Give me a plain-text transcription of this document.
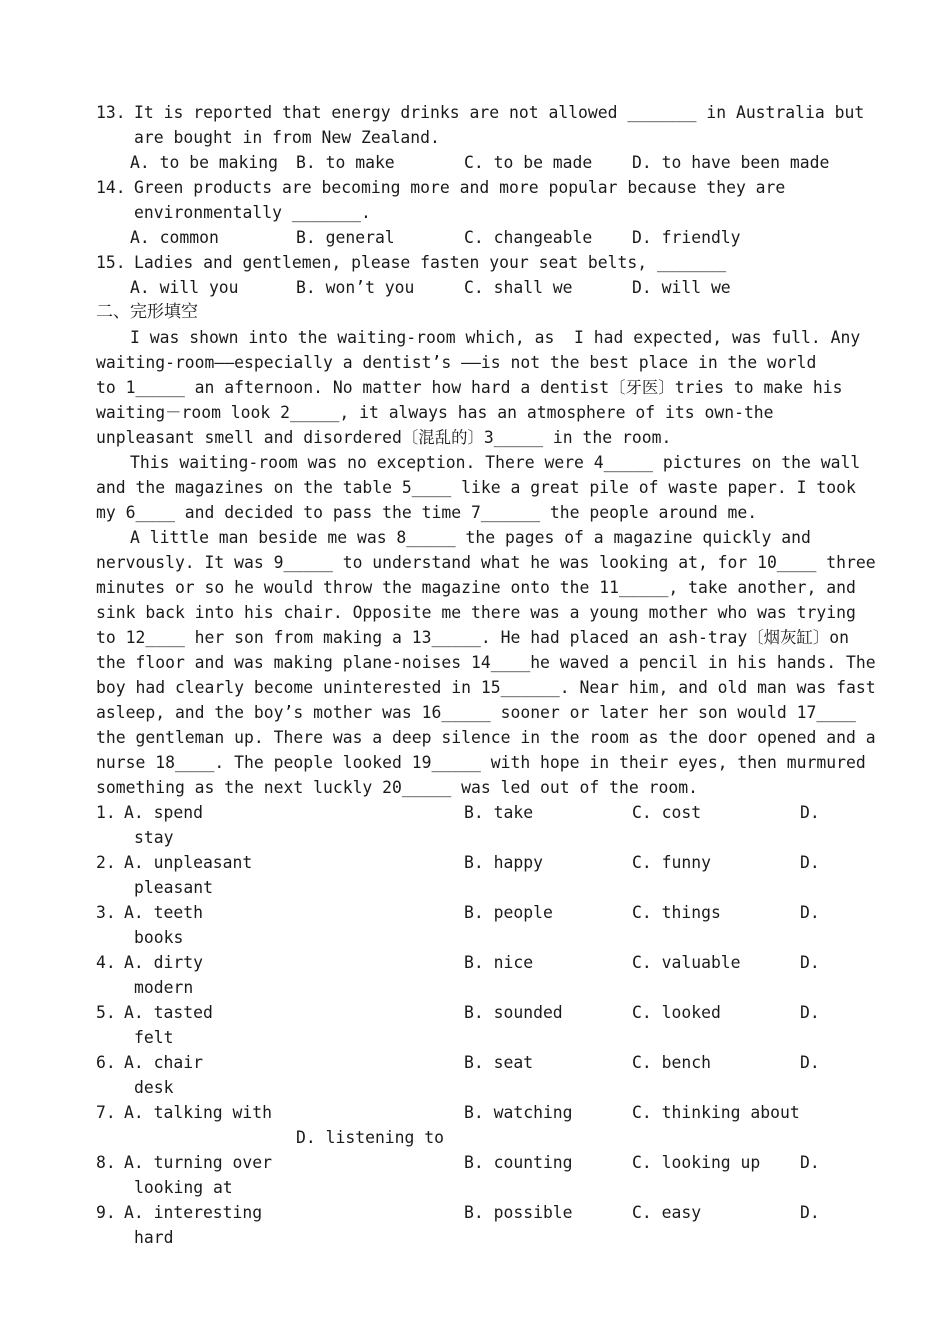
13. It is reported that energy drinks are not allowed _______ in Australia but
are bought in from New Zealand.
A. to be making B. to make	C. to be made D. to have been made
14. Green products are becoming more and more popular because they are
environmentally _______.
A. common	B. general	C. changeable D. friendly
15. Ladies and gentlemen, please fasten your seat belts, _______
A. will you	B. won’t you	C. shall we	D. will we
二、完形填空
I was shown into the waiting-room which, as  I had expected, was full. Any
waiting-room——especially a dentist’s ——is not the best place in the world
to 1_____ an afternoon. No matter how hard a dentist〔牙医〕tries to make his
waiting－room look 2_____, it always has an atmosphere of its own-the
unpleasant smell and disordered〔混乱的〕3_____ in the room.
This waiting-room was no exception. There were 4_____ pictures on the wall
and the magazines on the table 5____ like a great pile of waste paper. I took
my 6____ and decided to pass the time 7______ the people around me.
A little man beside me was 8_____ the pages of a magazine quickly and
nervously. It was 9_____ to understand what he was looking at, for 10____ three
minutes or so he would throw the magazine onto the 11_____, take another, and
sink back into his chair. Opposite me there was a young mother who was trying
to 12____ her son from making a 13_____. He had placed an ash-tray〔烟灰缸〕on
the floor and was making plane-noises 14____he waved a pencil in his hands. The
boy had clearly become uninterested in 15______. Near him, and old man was fast
asleep, and the boy’s mother was 16_____ sooner or later her son would 17____
the gentleman up. There was a deep silence in the room as the door opened and a
nurse 18____. The people looked 19_____ with hope in their eyes, then murmured
something as the next luckly 20_____ was led out of the room.
1. A. spend	B. take	C. cost	D.
stay
2. A. unpleasant	B. happy	C. funny	D.
pleasant
3. A. teeth	B. people	C. things	D.
books
4. A. dirty	B. nice	C. valuable	D.
modern
5. A. tasted	B. sounded	C. looked	D.
felt
6. A. chair	B. seat	C. bench	D.
desk
7. A. talking with	B. watching	C. thinking about
D. listening to
8. A. turning over	B. counting	C. looking up D.
looking at
9. A. interesting	B. possible	C. easy	D.
hard
